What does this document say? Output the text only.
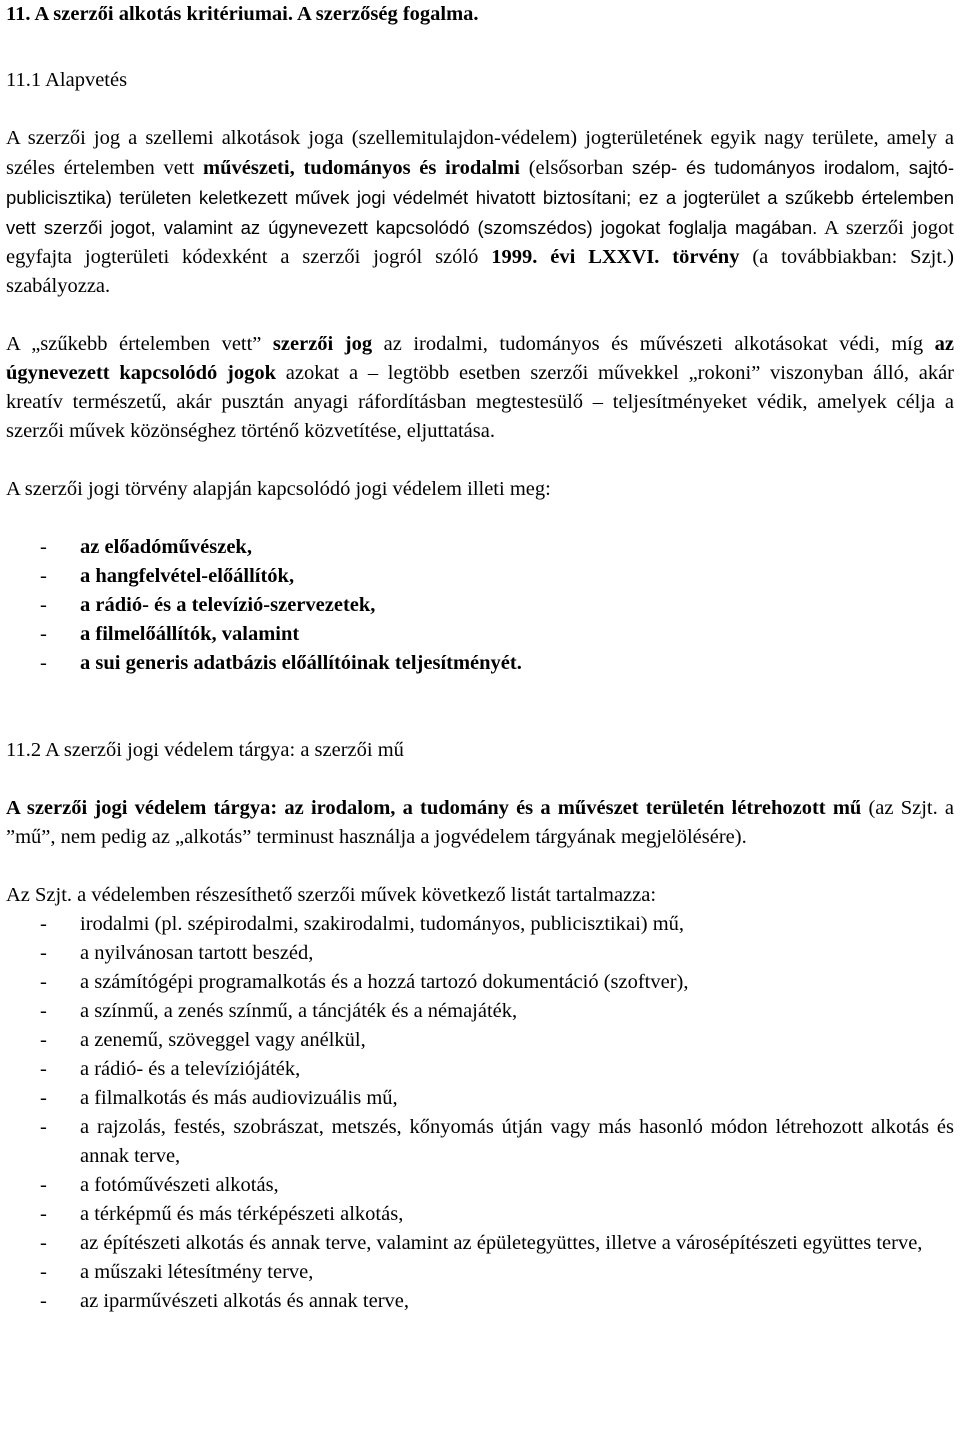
11. A szerzői alkotás kritériumai. A szerzőség fogalma.
11.1 Alapvetés

A szerzői jog a szellemi alkotások joga (szellemitulajdon-védelem) jogterületének egyik nagy területe, amely a széles értelemben vett művészeti, tudományos és irodalmi (elsősorban szép- és tudományos irodalom, sajtó-publicisztika) területen keletkezett művek jogi védelmét hivatott biztosítani; ez a jogterület a szűkebb értelemben vett szerzői jogot, valamint az úgynevezett kapcsolódó (szomszédos) jogokat foglalja magában. A szerzői jogot egyfajta jogterületi kódexként a szerzői jogról szóló 1999. évi LXXVI. törvény (a továbbiakban: Szjt.) szabályozza.

A „szűkebb értelemben vett” szerzői jog az irodalmi, tudományos és művészeti alkotásokat védi, míg az úgynevezett kapcsolódó jogok azokat a – legtöbb esetben szerzői művekkel „rokoni” viszonyban álló, akár kreatív természetű, akár pusztán anyagi ráfordításban megtestesülő – teljesítményeket védik, amelyek célja a szerzői művek közönséghez történő közvetítése, eljuttatása.

A szerzői jogi törvény alapján kapcsolódó jogi védelem illeti meg:

- az előadóművészek,
- a hangfelvétel-előállítók,
- a rádió- és a televízió-szervezetek,
- a filmelőállítók, valamint
- a sui generis adatbázis előállítóinak teljesítményét.
11.2 A szerzői jogi védelem tárgya: a szerzői mű

A szerzői jogi védelem tárgya: az irodalom, a tudomány és a művészet területén létrehozott mű (az Szjt. a ”mű”, nem pedig az „alkotás” terminust használja a jogvédelem tárgyának megjelölésére).

Az Szjt. a védelemben részesíthető szerzői művek következő listát tartalmazza:

- irodalmi (pl. szépirodalmi, szakirodalmi, tudományos, publicisztikai) mű,
- a nyilvánosan tartott beszéd,
- a számítógépi programalkotás és a hozzá tartozó dokumentáció (szoftver),
- a színmű, a zenés színmű, a táncjáték és a némajáték,
- a zenemű, szöveggel vagy anélkül,
- a rádió- és a televíziójáték,
- a filmalkotás és más audiovizuális mű,
- a rajzolás, festés, szobrászat, metszés, kőnyomás útján vagy más hasonló módon létrehozott alkotás és annak terve,
- a fotóművészeti alkotás,
- a térképmű és más térképészeti alkotás,
- az építészeti alkotás és annak terve, valamint az épületegyüttes, illetve a városépítészeti együttes terve,
- a műszaki létesítmény terve,
- az iparművészeti alkotás és annak terve,
